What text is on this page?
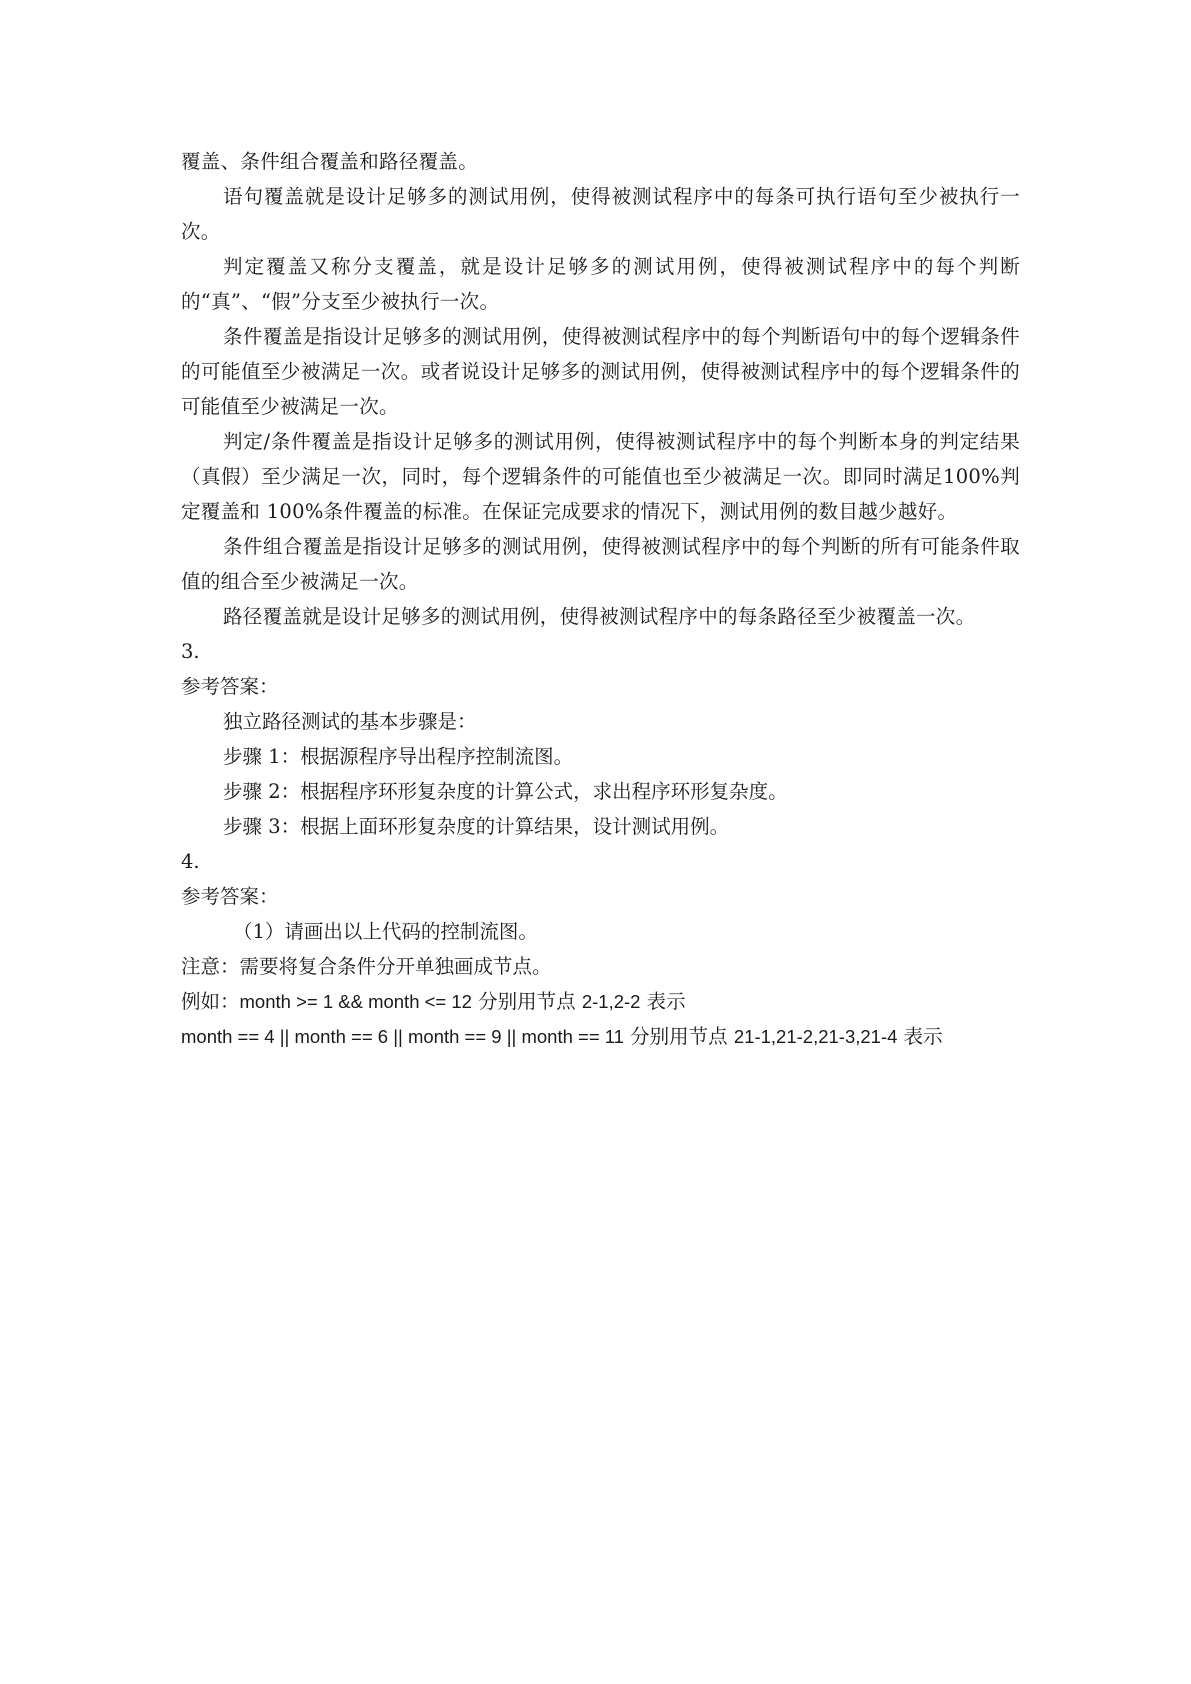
覆盖、条件组合覆盖和路径覆盖。

语句覆盖就是设计足够多的测试用例，使得被测试程序中的每条可执行语句至少被执行一次。

判定覆盖又称分支覆盖，就是设计足够多的测试用例，使得被测试程序中的每个判断的“真”、“假”分支至少被执行一次。

条件覆盖是指设计足够多的测试用例，使得被测试程序中的每个判断语句中的每个逻辑条件的可能值至少被满足一次。或者说设计足够多的测试用例，使得被测试程序中的每个逻辑条件的可能值至少被满足一次。

判定/条件覆盖是指设计足够多的测试用例，使得被测试程序中的每个判断本身的判定结果（真假）至少满足一次，同时，每个逻辑条件的可能值也至少被满足一次。即同时满足100%判定覆盖和 100%条件覆盖的标准。在保证完成要求的情况下，测试用例的数目越少越好。

条件组合覆盖是指设计足够多的测试用例，使得被测试程序中的每个判断的所有可能条件取值的组合至少被满足一次。

路径覆盖就是设计足够多的测试用例，使得被测试程序中的每条路径至少被覆盖一次。

3.

参考答案：

独立路径测试的基本步骤是：

步骤 1：根据源程序导出程序控制流图。

步骤 2：根据程序环形复杂度的计算公式，求出程序环形复杂度。

步骤 3：根据上面环形复杂度的计算结果，设计测试用例。

4.

参考答案：

（1）请画出以上代码的控制流图。

注意：需要将复合条件分开单独画成节点。

例如：month >= 1 && month <= 12 分别用节点 2-1,2-2 表示

month == 4 || month == 6 || month == 9 || month == 11 分别用节点 21-1,21-2,21-3,21-4 表示
